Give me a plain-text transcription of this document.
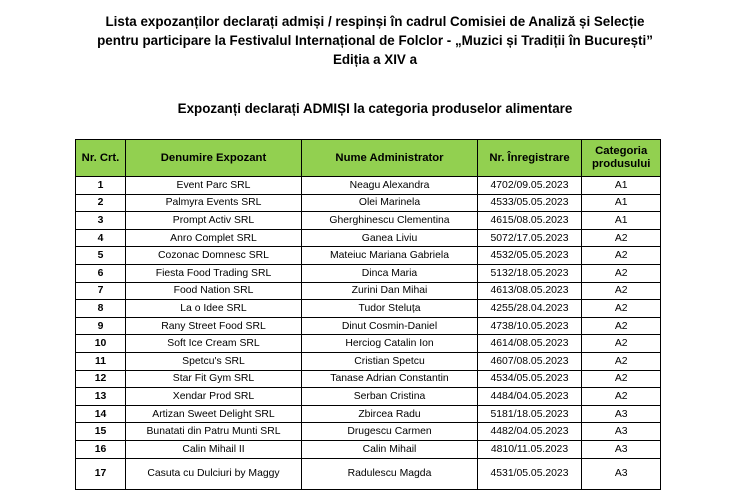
Lista expozanților declarați admiși / respinși în cadrul Comisiei de Analiză și Selecție
pentru participare la Festivalul Internațional de Folclor - „Muzici și Tradiții în București”
Ediția a XIV a
Expozanți declarați ADMIȘI la categoria produselor alimentare
Nr. Crt.	Denumire Expozant	Nume Administrator	Nr. Înregistrare	Categoria produsului
1	Event Parc SRL	Neagu Alexandra	4702/09.05.2023	A1
2	Palmyra Events SRL	Olei Marinela	4533/05.05.2023	A1
3	Prompt Activ SRL	Gherghinescu Clementina	4615/08.05.2023	A1
4	Anro Complet SRL	Ganea Liviu	5072/17.05.2023	A2
5	Cozonac Domnesc SRL	Mateiuc Mariana Gabriela	4532/05.05.2023	A2
6	Fiesta Food Trading SRL	Dinca Maria	5132/18.05.2023	A2
7	Food Nation SRL	Zurini Dan Mihai	4613/08.05.2023	A2
8	La o Idee SRL	Tudor Steluța	4255/28.04.2023	A2
9	Rany Street Food SRL	Dinut Cosmin-Daniel	4738/10.05.2023	A2
10	Soft Ice Cream SRL	Herciog Catalin Ion	4614/08.05.2023	A2
11	Spetcu's SRL	Cristian Spetcu	4607/08.05.2023	A2
12	Star Fit Gym SRL	Tanase Adrian Constantin	4534/05.05.2023	A2
13	Xendar Prod SRL	Serban Cristina	4484/04.05.2023	A2
14	Artizan Sweet Delight SRL	Zbircea Radu	5181/18.05.2023	A3
15	Bunatati din Patru Munti SRL	Drugescu Carmen	4482/04.05.2023	A3
16	Calin Mihail II	Calin Mihail	4810/11.05.2023	A3
17	Casuta cu Dulciuri by Maggy	Radulescu Magda	4531/05.05.2023	A3
